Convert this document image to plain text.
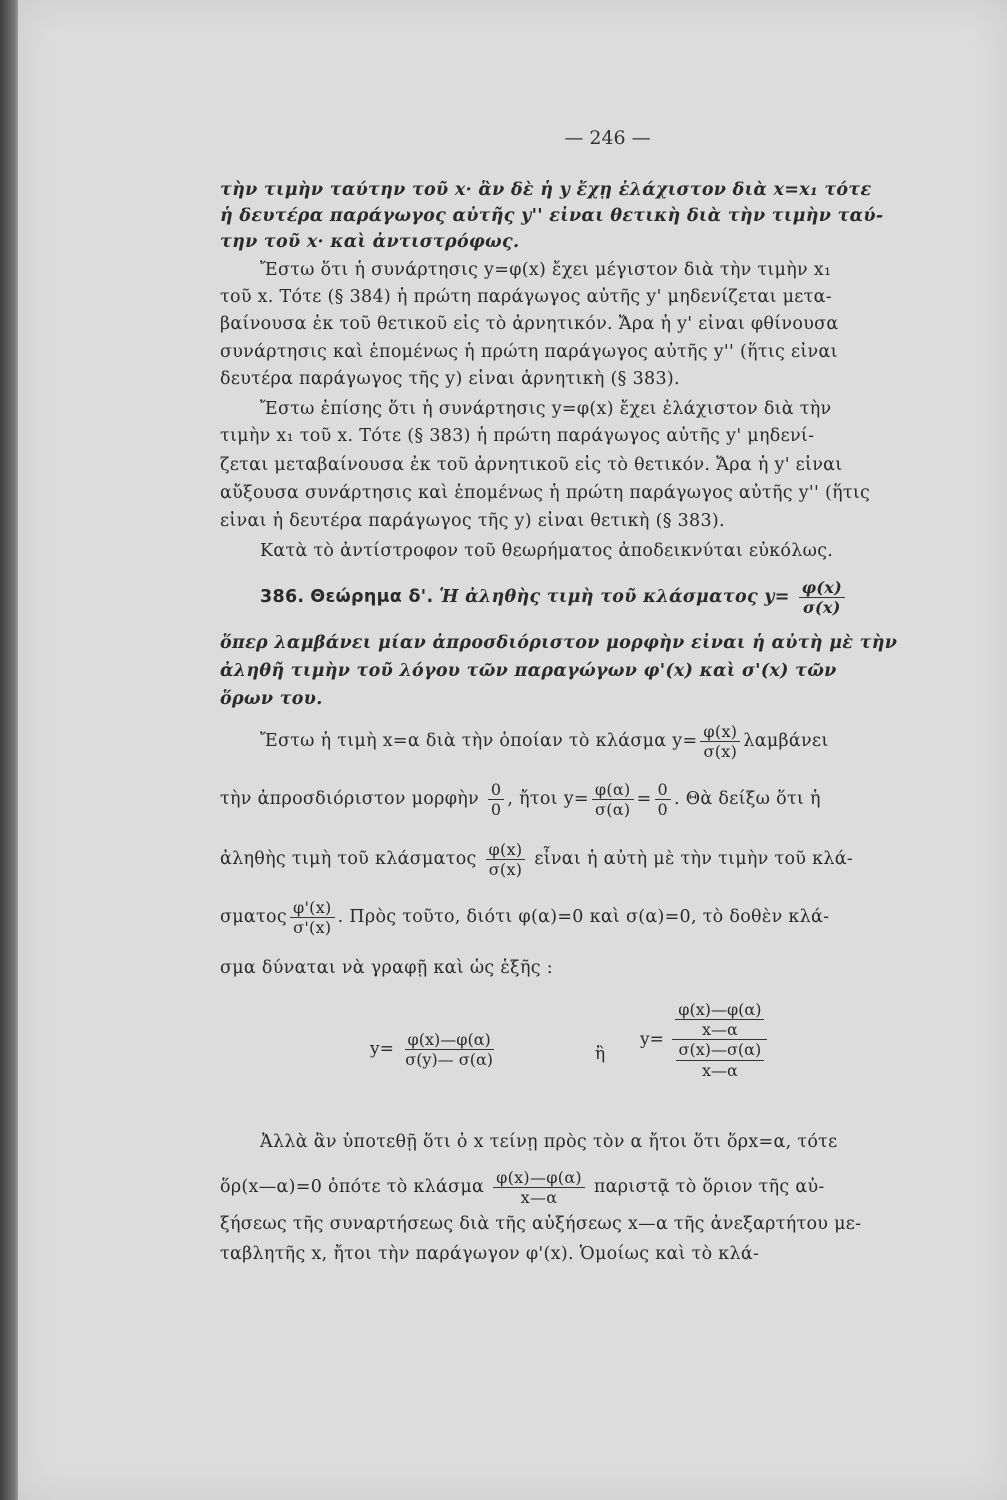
— 246 —
τὴν τιμὴν ταύτην τοῦ x· ἂν δὲ ἡ y ἔχῃ ἐλάχιστον διὰ x=x₁ τότε
ἡ δευτέρα παράγωγος αὐτῆς y'' εἶναι θετικὴ διὰ τὴν τιμὴν ταύ-
την τοῦ x· καὶ ἀντιστρόφως.
Ἔστω ὅτι ἡ συνάρτησις y=φ(x) ἔχει μέγιστον διὰ τὴν τιμὴν x₁
τοῦ x. Τότε (§ 384) ἡ πρώτη παράγωγος αὐτῆς y' μηδενίζεται μετα-
βαίνουσα ἐκ τοῦ θετικοῦ εἰς τὸ ἀρνητικόν. Ἄρα ἡ y' εἶναι φθίνουσα
συνάρτησις καὶ ἑπομένως ἡ πρώτη παράγωγος αὐτῆς y'' (ἥτις εἶναι
δευτέρα παράγωγος τῆς y) εἶναι ἀρνητικὴ (§ 383).
Ἔστω ἐπίσης ὅτι ἡ συνάρτησις y=φ(x) ἔχει ἐλάχιστον διὰ τὴν
τιμὴν x₁ τοῦ x. Τότε (§ 383) ἡ πρώτη παράγωγος αὐτῆς y' μηδενί-
ζεται μεταβαίνουσα ἐκ τοῦ ἀρνητικοῦ εἰς τὸ θετικόν. Ἄρα ἡ y' εἶναι
αὔξουσα συνάρτησις καὶ ἑπομένως ἡ πρώτη παράγωγος αὐτῆς y'' (ἥτις
εἶναι ἡ δευτέρα παράγωγος τῆς y) εἶναι θετικὴ (§ 383).
Κατὰ τὸ ἀντίστροφον τοῦ θεωρήματος ἀποδεικνύται εὐκόλως.
386. Θεώρημα δ'. Ἡ ἀληθὴς τιμὴ τοῦ κλάσματος $y= \frac{\varphi(x)}{\sigma(x)}$
ὅπερ λαμβάνει μίαν ἀπροσδιόριστον μορφὴν εἶναι ἡ αὐτὴ μὲ τὴν
ἀληθῆ τιμὴν τοῦ λόγου τῶν παραγώγων φ'(x) καὶ σ'(x) τῶν
ὅρων του.
Ἔστω ἡ τιμὴ x=α διὰ τὴν ὁποίαν τὸ κλάσμα $y= \frac{\varphi(x)}{\sigma(x)}$ λαμβάνει
τὴν ἀπροσδιόριστον μορφὴν $\frac{0}{0}$ , ἤτοι $y= \frac{\varphi(\alpha)}{\sigma(\alpha)} = \frac{0}{0}$ . Θὰ δείξω ὅτι ἡ
ἀληθὴς τιμὴ τοῦ κλάσματος $\frac{\varphi(x)}{\sigma(x)}$ εἶναι ἡ αὐτὴ μὲ τὴν τιμὴν τοῦ κλά-
σματος $\frac{\varphi'(x)}{\sigma'(x)}$ . Πρὸς τοῦτο, διότι φ(α)=0 καὶ σ(α)=0, τὸ δοθὲν κλά-
σμα δύναται νὰ γραφῇ καὶ ὡς ἑξῆς :
$y= \frac{\varphi(x)—\varphi(\alpha)}{\sigma(y)— \sigma(\alpha)}$	ἢ
y= φ(x)—φ(α)
x—α
σ(x)—σ(α)
x—α
Ἀλλὰ ἂν ὑποτεθῇ ὅτι ὁ x τείνῃ πρὸς τὸν α ἤτοι ὅτι ὅρx=α, τότε
ὅρ(x—α)=0 ὁπότε τὸ κλάσμα $\frac{\varphi(x)—\varphi(\alpha)}{x—\alpha}$ παριστᾷ τὸ ὅριον τῆς αὐ-
ξήσεως τῆς συναρτήσεως διὰ τῆς αὐξήσεως x—α τῆς ἀνεξαρτήτου με-
ταβλητῆς x, ἤτοι τὴν παράγωγον φ'(x). Ὁμοίως καὶ τὸ κλά-
